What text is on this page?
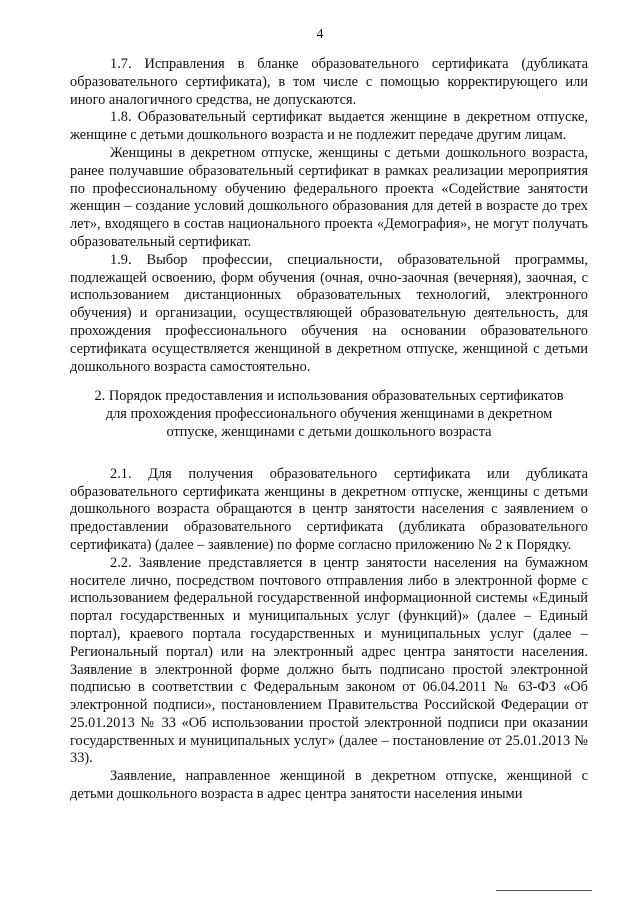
4

1.7. Исправления в бланке образовательного сертификата (дубликата образовательного сертификата), в том числе с помощью корректирующего или иного аналогичного средства, не допускаются.

1.8. Образовательный сертификат выдается женщине в декретном отпуске, женщине с детьми дошкольного возраста и не подлежит передаче другим лицам.

Женщины в декретном отпуске, женщины с детьми дошкольного возраста, ранее получавшие образовательный сертификат в рамках реализации мероприятия по профессиональному обучению федерального проекта «Содействие занятости женщин – создание условий дошкольного образования для детей в возрасте до трех лет», входящего в состав национального проекта «Демография», не могут получать образовательный сертификат.

1.9. Выбор профессии, специальности, образовательной программы, подлежащей освоению, форм обучения (очная, очно-заочная (вечерняя), заочная, с использованием дистанционных образовательных технологий, электронного обучения) и организации, осуществляющей образовательную деятельность, для прохождения профессионального обучения на основании образовательного сертификата осуществляется женщиной в декретном отпуске, женщиной с детьми дошкольного возраста самостоятельно.

2. Порядок предоставления и использования образовательных сертификатов
для прохождения профессионального обучения женщинами в декретном
отпуске, женщинами с детьми дошкольного возраста

2.1. Для получения образовательного сертификата или дубликата образовательного сертификата женщины в декретном отпуске, женщины с детьми дошкольного возраста обращаются в центр занятости населения с заявлением о предоставлении образовательного сертификата (дубликата образовательного сертификата) (далее – заявление) по форме согласно приложению № 2 к Порядку.

2.2. Заявление представляется в центр занятости населения на бумажном носителе лично, посредством почтового отправления либо в электронной форме с использованием федеральной государственной информационной системы «Единый портал государственных и муниципальных услуг (функций)» (далее – Единый портал), краевого портала государственных и муниципальных услуг (далее – Региональный портал) или на электронный адрес центра занятости населения. Заявление в электронной форме должно быть подписано простой электронной подписью в соответствии с Федеральным законом от 06.04.2011 № 63-ФЗ «Об электронной подписи», постановлением Правительства Российской Федерации от 25.01.2013 № 33 «Об использовании простой электронной подписи при оказании государственных и муниципальных услуг» (далее – постановление от 25.01.2013 № 33).

Заявление, направленное женщиной в декретном отпуске, женщиной с детьми дошкольного возраста в адрес центра занятости населения иными
